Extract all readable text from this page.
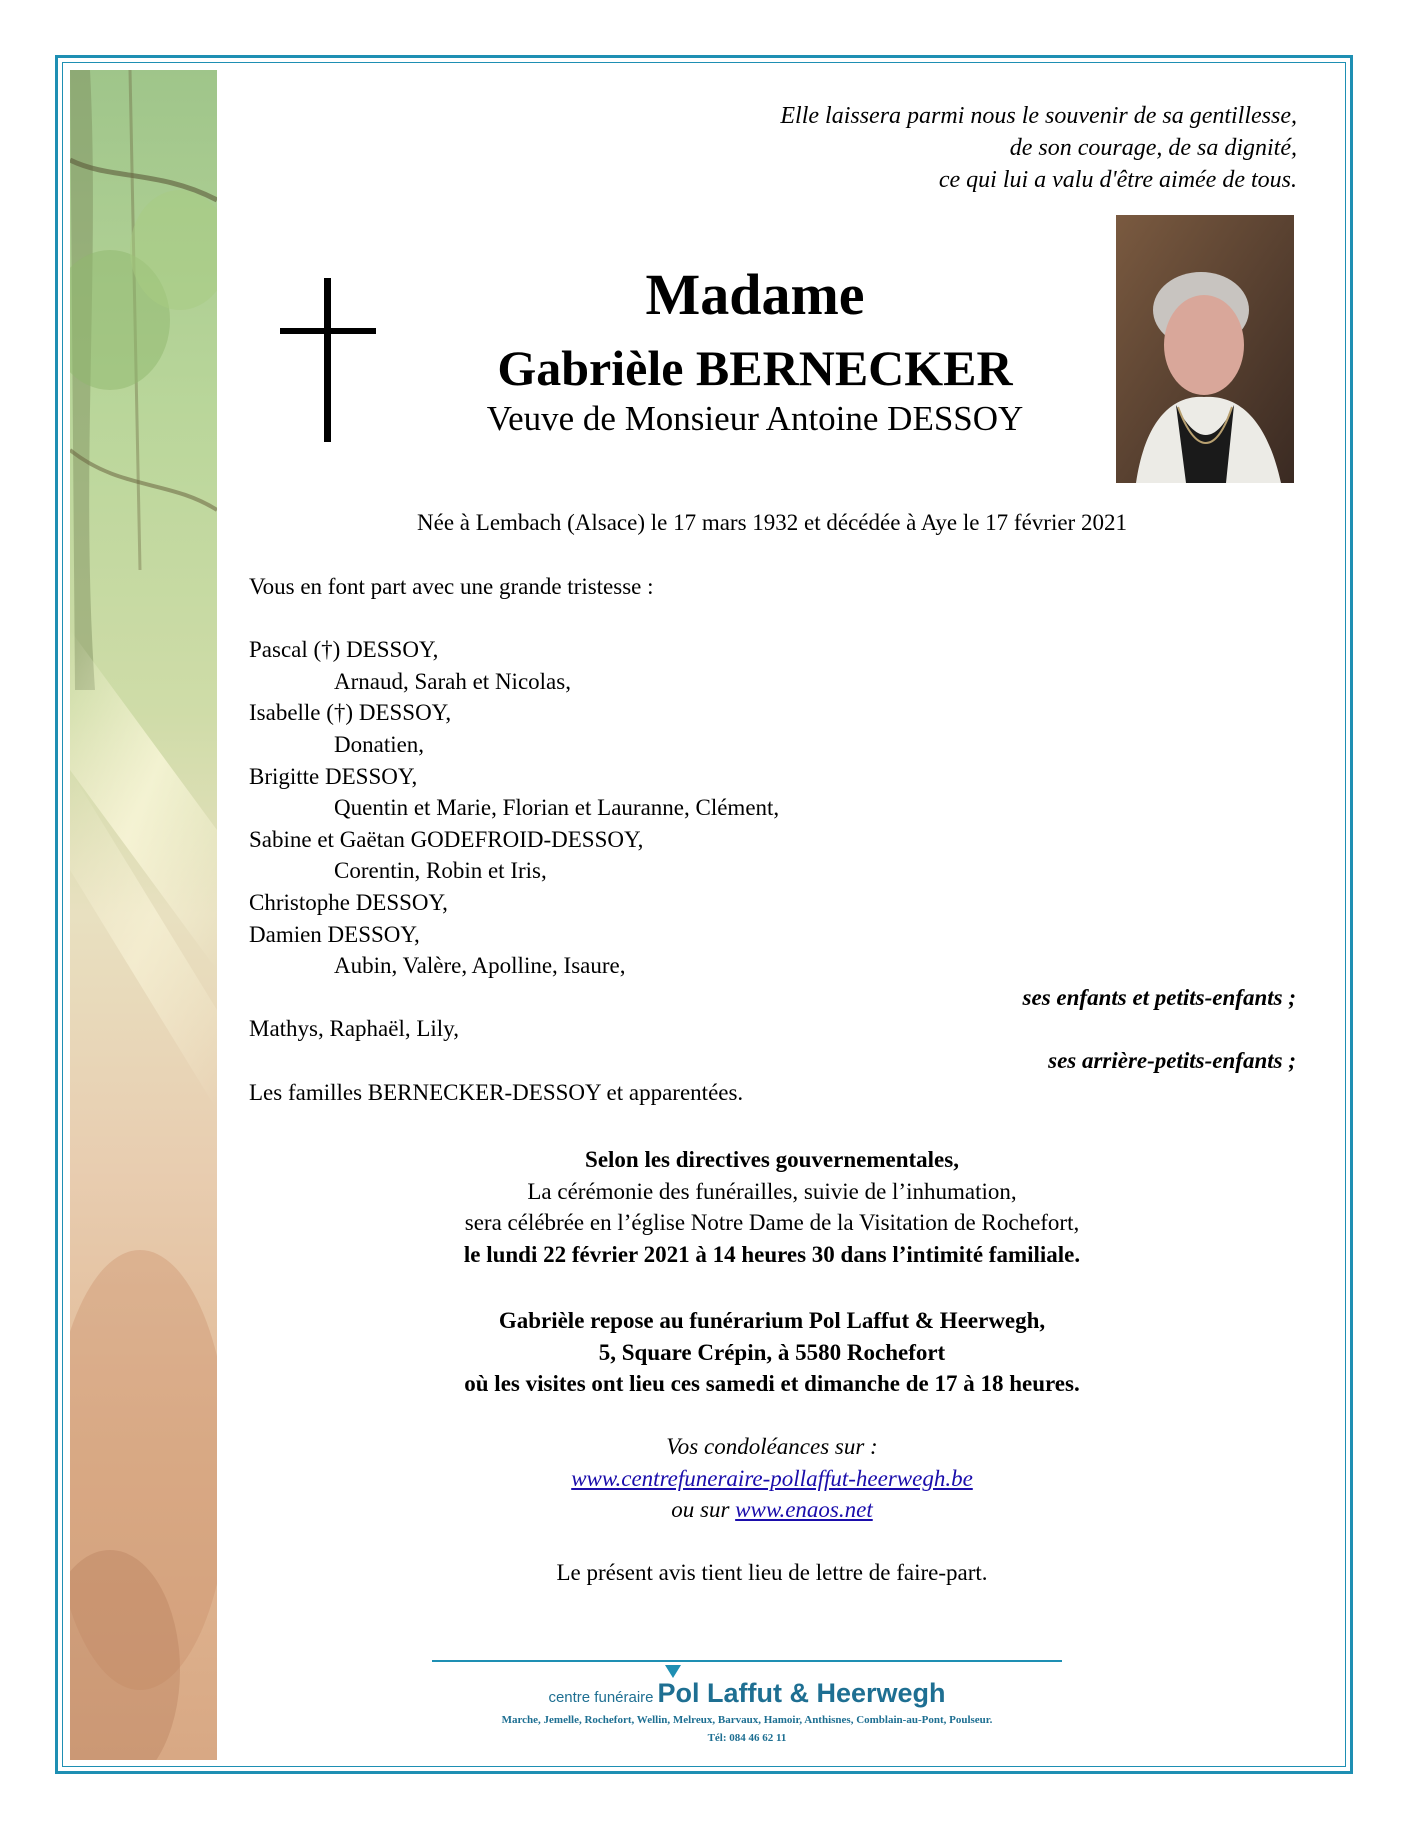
Elle laissera parmi nous le souvenir de sa gentillesse,
de son courage, de sa dignité,
ce qui lui a valu d'être aimée de tous.
Madame
Gabrièle BERNECKER
Veuve de Monsieur Antoine DESSOY
Née à Lembach (Alsace) le 17 mars 1932 et décédée à Aye le 17 février 2021
Vous en font part avec une grande tristesse :
Pascal (†) DESSOY,
Arnaud, Sarah et Nicolas,
Isabelle (†) DESSOY,
Donatien,
Brigitte DESSOY,
Quentin et Marie, Florian et Lauranne, Clément,
Sabine et Gaëtan GODEFROID-DESSOY,
Corentin, Robin et Iris,
Christophe DESSOY,
Damien DESSOY,
Aubin, Valère, Apolline, Isaure,
ses enfants et petits-enfants ;
Mathys, Raphaël, Lily,
ses arrière-petits-enfants ;
Les familles BERNECKER-DESSOY et apparentées.
Selon les directives gouvernementales,
La cérémonie des funérailles, suivie de l’inhumation,
sera célébrée en l’église Notre Dame de la Visitation de Rochefort,
le lundi 22 février 2021 à 14 heures 30 dans l’intimité familiale.
Gabrièle repose au funérarium Pol Laffut & Heerwegh,
5, Square Crépin, à 5580 Rochefort
où les visites ont lieu ces samedi et dimanche de 17 à 18 heures.
Vos condoléances sur :
www.centrefuneraire-pollaffut-heerwegh.be
ou sur www.enaos.net
Le présent avis tient lieu de lettre de faire-part.
centre funéraire Pol Laffut & Heerwegh
Marche, Jemelle, Rochefort, Wellin, Melreux, Barvaux, Hamoir, Anthisnes, Comblain-au-Pont, Poulseur.
Tél: 084 46 62 11
